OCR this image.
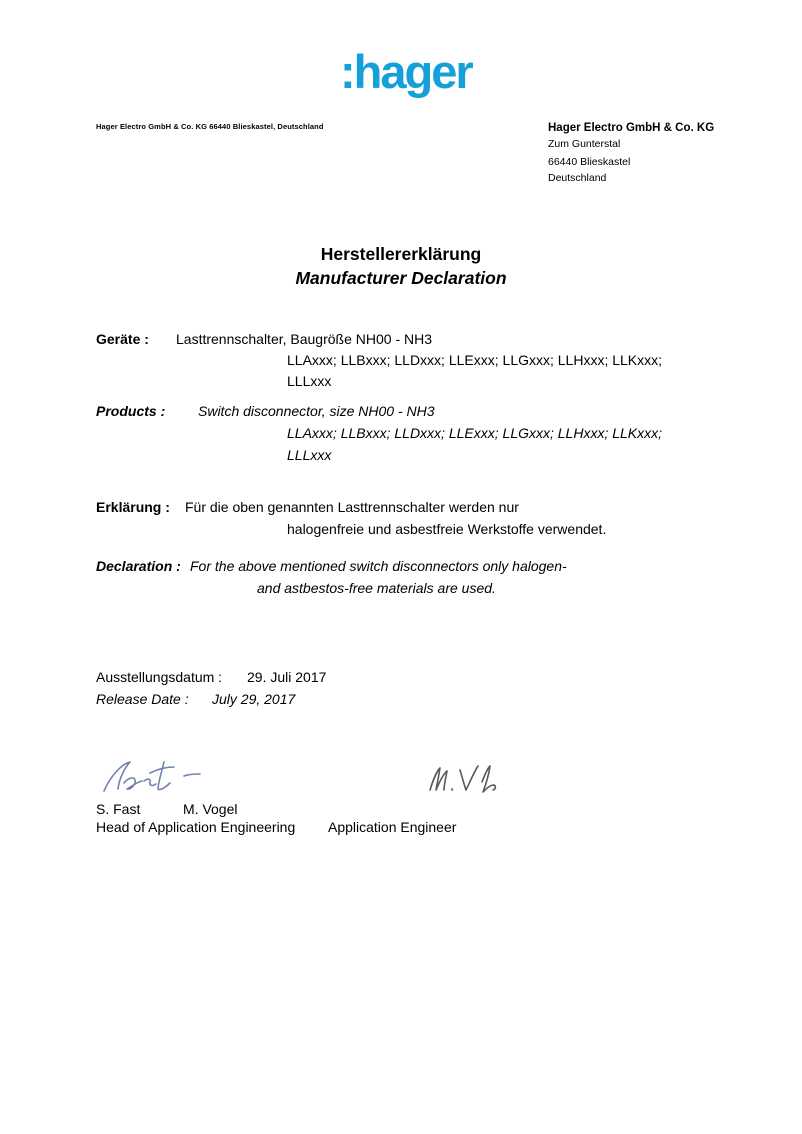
:hager
Hager Electro GmbH & Co. KG 66440 Blieskastel, Deutschland	Hager Electro GmbH & Co. KG
Zum Gunterstal
66440 Blieskastel
Deutschland
Herstellererklärung
Manufacturer Declaration
Geräte : Lasttrennschalter, Baugröße NH00 - NH3
LLAxxx; LLBxxx; LLDxxx; LLExxx; LLGxxx; LLHxxx; LLKxxx;
LLLxxx
Products : Switch disconnector, size NH00 - NH3
LLAxxx; LLBxxx; LLDxxx; LLExxx; LLGxxx; LLHxxx; LLKxxx;
LLLxxx
Erklärung : Für die oben genannten Lasttrennschalter werden nur
halogenfreie und asbestfreie Werkstoffe verwendet.
Declaration : For the above mentioned switch disconnectors only halogen-
and astbestos-free materials are used.
Ausstellungsdatum : 29. Juli 2017
Release Date : July 29, 2017
S. Fast	M. Vogel
Head of Application Engineering Application Engineer
